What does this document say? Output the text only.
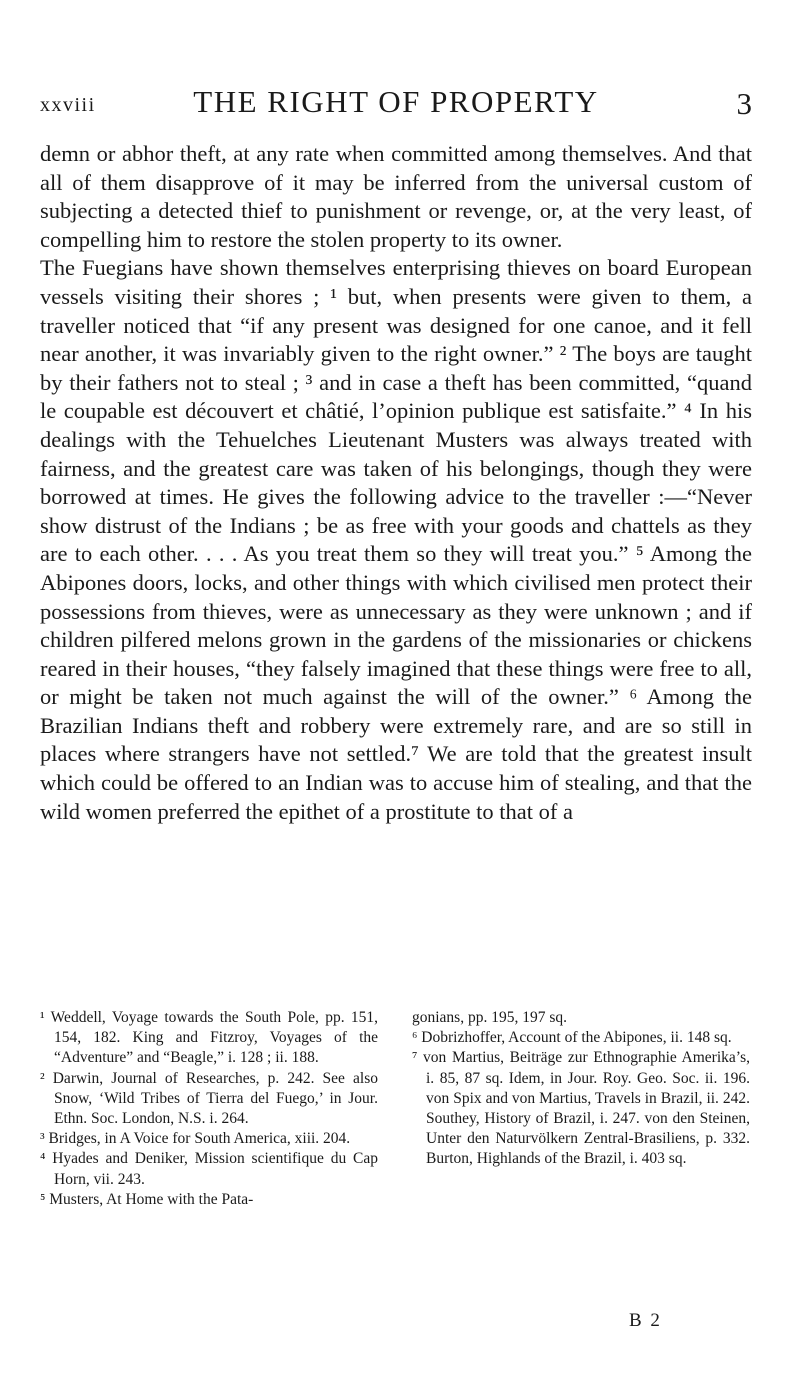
xxviii	THE RIGHT OF PROPERTY	3

demn or abhor theft, at any rate when committed among themselves. And that all of them disapprove of it may be inferred from the universal custom of subjecting a detected thief to punishment or revenge, or, at the very least, of compelling him to restore the stolen property to its owner.

The Fuegians have shown themselves enterprising thieves on board European vessels visiting their shores ; ¹ but, when presents were given to them, a traveller noticed that “if any present was designed for one canoe, and it fell near another, it was invariably given to the right owner.” ² The boys are taught by their fathers not to steal ; ³ and in case a theft has been committed, “quand le coupable est découvert et châtié, l’opinion publique est satisfaite.” ⁴ In his dealings with the Tehuelches Lieutenant Musters was always treated with fairness, and the greatest care was taken of his belongings, though they were borrowed at times. He gives the following advice to the traveller :—“Never show distrust of the Indians ; be as free with your goods and chattels as they are to each other. . . . As you treat them so they will treat you.” ⁵ Among the Abipones doors, locks, and other things with which civilised men protect their possessions from thieves, were as unnecessary as they were unknown ; and if children pilfered melons grown in the gardens of the missionaries or chickens reared in their houses, “they falsely imagined that these things were free to all, or might be taken not much against the will of the owner.” ⁶ Among the Brazilian Indians theft and robbery were extremely rare, and are so still in places where strangers have not settled.⁷ We are told that the greatest insult which could be offered to an Indian was to accuse him of stealing, and that the wild women preferred the epithet of a prostitute to that of a

¹ Weddell, Voyage towards the South Pole, pp. 151, 154, 182. King and Fitzroy, Voyages of the “Adventure” and “Beagle,” i. 128 ; ii. 188.

² Darwin, Journal of Researches, p. 242. See also Snow, ‘Wild Tribes of Tierra del Fuego,’ in Jour. Ethn. Soc. London, N.S. i. 264.

³ Bridges, in A Voice for South America, xiii. 204.

⁴ Hyades and Deniker, Mission scientifique du Cap Horn, vii. 243.

⁵ Musters, At Home with the Pata-

gonians, pp. 195, 197 sq.

⁶ Dobrizhoffer, Account of the Abipones, ii. 148 sq.

⁷ von Martius, Beiträge zur Ethnographie Amerika’s, i. 85, 87 sq. Idem, in Jour. Roy. Geo. Soc. ii. 196. von Spix and von Martius, Travels in Brazil, ii. 242. Southey, History of Brazil, i. 247. von den Steinen, Unter den Naturvölkern Zentral-Brasiliens, p. 332. Burton, Highlands of the Brazil, i. 403 sq.

B 2
